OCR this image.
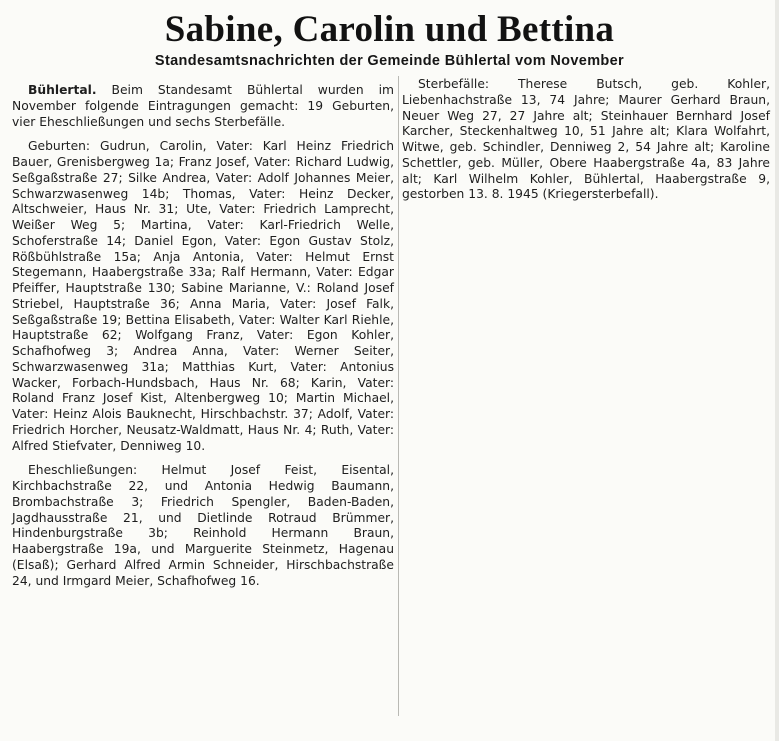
Sabine, Carolin und Bettina
Standesamtsnachrichten der Gemeinde Bühlertal vom November

Bühlertal. Beim Standesamt Bühlertal wurden im November folgende Eintragungen gemacht: 19 Geburten, vier Eheschließungen und sechs Sterbefälle.

Geburten: Gudrun, Carolin, Vater: Karl Heinz Friedrich Bauer, Grenisbergweg 1a; Franz Josef, Vater: Richard Ludwig, Seßgaßstraße 27; Silke Andrea, Vater: Adolf Johannes Meier, Schwarzwasenweg 14b; Thomas, Vater: Heinz Decker, Altschweier, Haus Nr. 31; Ute, Vater: Friedrich Lamprecht, Weißer Weg 5; Martina, Vater: Karl-Friedrich Welle, Schoferstraße 14; Daniel Egon, Vater: Egon Gustav Stolz, Rößbühlstraße 15a; Anja Antonia, Vater: Helmut Ernst Stegemann, Haabergstraße 33a; Ralf Hermann, Vater: Edgar Pfeiffer, Hauptstraße 130; Sabine Marianne, V.: Roland Josef Striebel, Hauptstraße 36; Anna Maria, Vater: Josef Falk, Seßgaßstraße 19; Bettina Elisabeth, Vater: Walter Karl Riehle, Hauptstraße 62; Wolfgang Franz, Vater: Egon Kohler, Schafhofweg 3; Andrea Anna, Vater: Werner Seiter, Schwarzwasenweg 31a; Matthias Kurt, Vater: Antonius Wacker, Forbach-Hundsbach, Haus Nr. 68; Karin, Vater: Roland Franz Josef Kist, Altenbergweg 10; Martin Michael, Vater: Heinz Alois Bauknecht, Hirschbachstr. 37; Adolf, Vater: Friedrich Horcher, Neusatz-Waldmatt, Haus Nr. 4; Ruth, Vater: Alfred Stiefvater, Denniweg 10.

Eheschließungen: Helmut Josef Feist, Eisental, Kirchbachstraße 22, und Antonia Hedwig Baumann, Brombachstraße 3; Friedrich Spengler, Baden-Baden, Jagdhausstraße 21, und Dietlinde Rotraud Brümmer, Hindenburgstraße 3b; Reinhold Hermann Braun, Haabergstraße 19a, und Marguerite Steinmetz, Hagenau (Elsaß); Gerhard Alfred Armin Schneider, Hirschbachstraße 24, und Irmgard Meier, Schafhofweg 16.

Sterbefälle: Therese Butsch, geb. Kohler, Liebenhachstraße 13, 74 Jahre; Maurer Gerhard Braun, Neuer Weg 27, 27 Jahre alt; Steinhauer Bernhard Josef Karcher, Steckenhaltweg 10, 51 Jahre alt; Klara Wolfahrt, Witwe, geb. Schindler, Denniweg 2, 54 Jahre alt; Karoline Schettler, geb. Müller, Obere Haabergstraße 4a, 83 Jahre alt; Karl Wilhelm Kohler, Bühlertal, Haabergstraße 9, gestorben 13. 8. 1945 (Kriegersterbefall).
